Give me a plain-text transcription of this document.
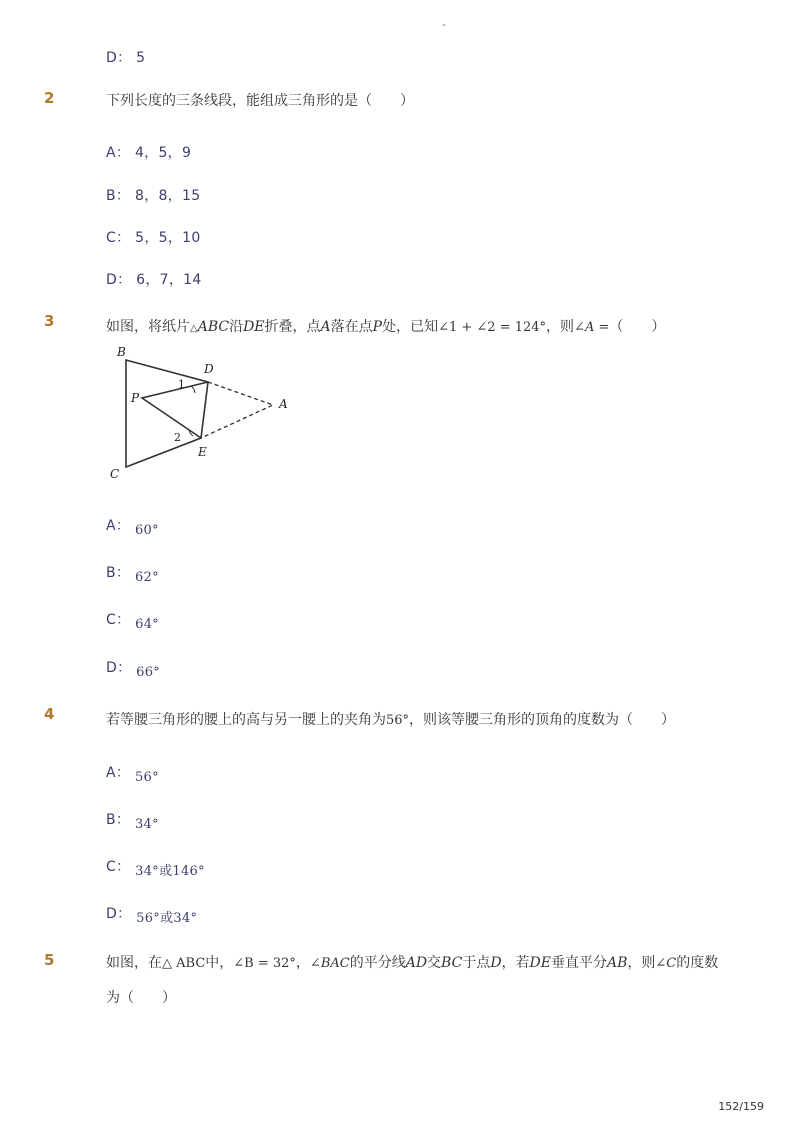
-
D： 5
2	下列长度的三条线段，能组成三角形的是（　　）
A： 4，5，9
B： 8，8，15
C： 5，5，10
D： 6，7，14
3	如图，将纸片△ABC沿DE折叠，点A落在点P处，已知∠1 + ∠2 = 124°，则∠A =（　　）
B
D
P	A
C
E
1
2
A： 60°
B： 62°
C： 64°
D： 66°
4	若等腰三角形的腰上的高与另一腰上的夹角为56°，则该等腰三角形的顶角的度数为（　　）
A： 56°
B： 34°
C： 34°或146°
D： 56°或34°
5	如图，在△ ABC中，∠B = 32°，∠BAC的平分线AD交BC于点D，若DE垂直平分AB，则∠C的度数为（　　）
152/159
